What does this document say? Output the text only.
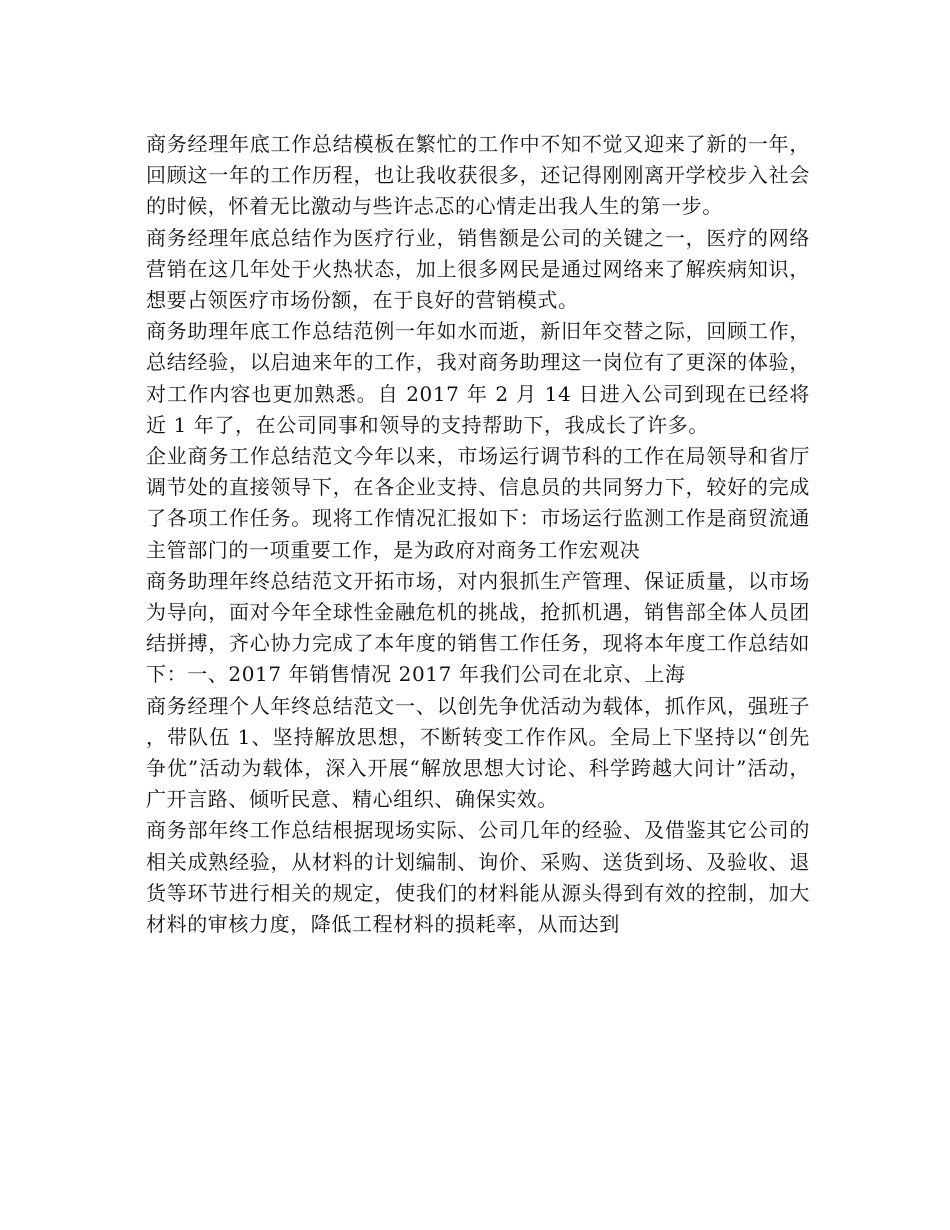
商务经理年底工作总结模板在繁忙的工作中不知不觉又迎来了新的一年，回顾这一年的工作历程，也让我收获很多，还记得刚刚离开学校步入社会的时候，怀着无比激动与些许忐忑的心情走出我人生的第一步。

商务经理年底总结作为医疗行业，销售额是公司的关键之一，医疗的网络营销在这几年处于火热状态，加上很多网民是通过网络来了解疾病知识，想要占领医疗市场份额，在于良好的营销模式。

商务助理年底工作总结范例一年如水而逝，新旧年交替之际，回顾工作，总结经验，以启迪来年的工作，我对商务助理这一岗位有了更深的体验，对工作内容也更加熟悉。自 2017 年 2 月 14 日进入公司到现在已经将近 1 年了，在公司同事和领导的支持帮助下，我成长了许多。

企业商务工作总结范文今年以来，市场运行调节科的工作在局领导和省厅调节处的直接领导下，在各企业支持、信息员的共同努力下，较好的完成了各项工作任务。现将工作情况汇报如下：市场运行监测工作是商贸流通主管部门的一项重要工作，是为政府对商务工作宏观决

商务助理年终总结范文开拓市场，对内狠抓生产管理、保证质量，以市场为导向，面对今年全球性金融危机的挑战，抢抓机遇，销售部全体人员团结拼搏，齐心协力完成了本年度的销售工作任务，现将本年度工作总结如下：一、2017 年销售情况 2017 年我们公司在北京、上海

商务经理个人年终总结范文一、以创先争优活动为载体，抓作风，强班子，带队伍 1、坚持解放思想，不断转变工作作风。全局上下坚持以“创先争优”活动为载体，深入开展“解放思想大讨论、科学跨越大问计”活动，广开言路、倾听民意、精心组织、确保实效。

商务部年终工作总结根据现场实际、公司几年的经验、及借鉴其它公司的相关成熟经验，从材料的计划编制、询价、采购、送货到场、及验收、退货等环节进行相关的规定，使我们的材料能从源头得到有效的控制，加大材料的审核力度，降低工程材料的损耗率，从而达到
